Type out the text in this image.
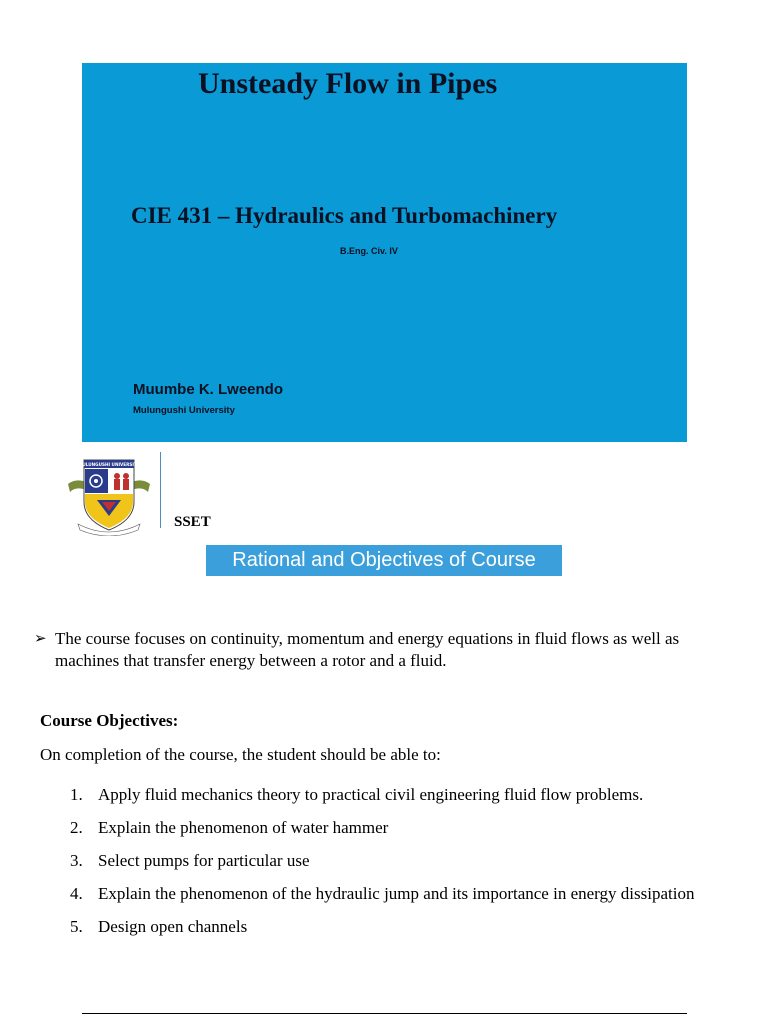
Unsteady Flow in Pipes
CIE 431 – Hydraulics and Turbomachinery
B.Eng. Civ. IV
Muumbe K. Lweendo
Mulungushi University
MULUNGUSHI UNIVERSITY
SSET
Rational and Objectives of Course
➢ The course focuses on continuity, momentum and energy equations in fluid flows as well as machines that transfer energy between a rotor and a fluid.
Course Objectives:
On completion of the course, the student should be able to:
1. Apply fluid mechanics theory to practical civil engineering fluid flow problems.
2. Explain the phenomenon of water hammer
3. Select pumps for particular use
4. Explain the phenomenon of the hydraulic jump and its importance in energy dissipation
5. Design open channels
